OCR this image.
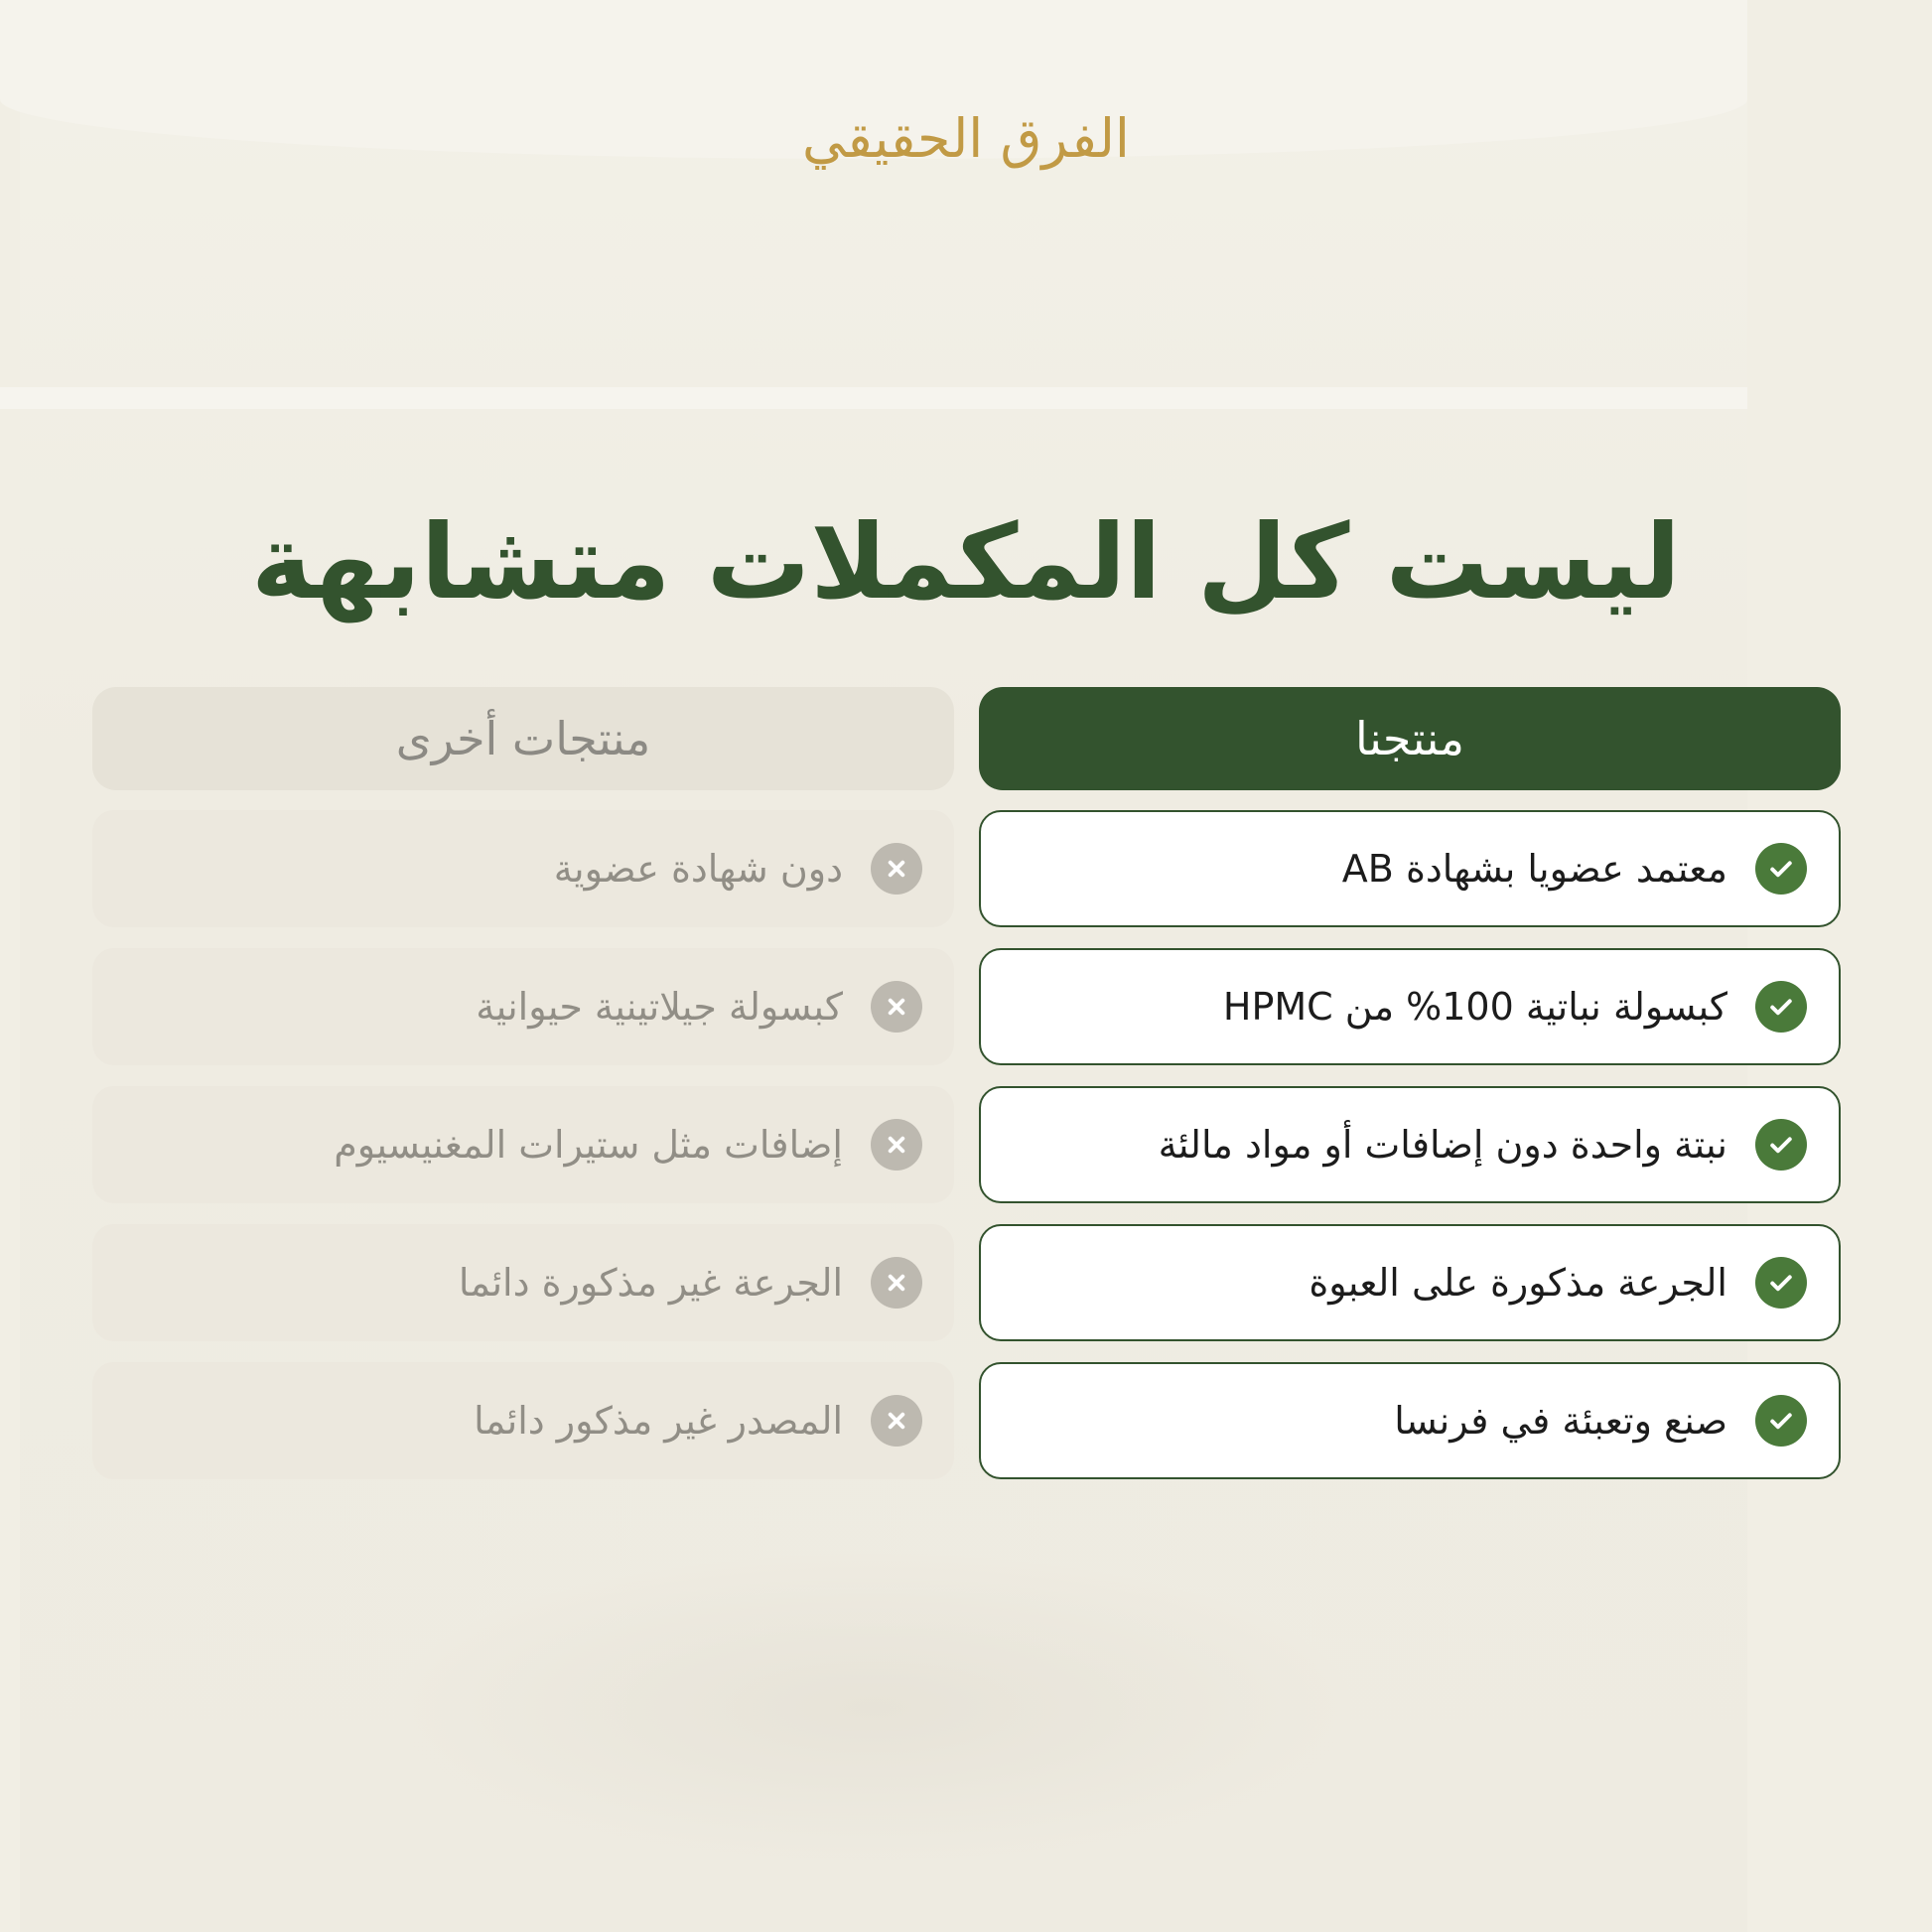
الفرق الحقيقي
ليست كل المكملات متشابهة
منتجنا
منتجات أخرى
معتمد عضويا بشهادة AB
كبسولة نباتية 100% من HPMC
نبتة واحدة دون إضافات أو مواد مالئة
الجرعة مذكورة على العبوة
صنع وتعبئة في فرنسا
دون شهادة عضوية
كبسولة جيلاتينية حيوانية
إضافات مثل ستيرات المغنيسيوم
الجرعة غير مذكورة دائما
المصدر غير مذكور دائما
